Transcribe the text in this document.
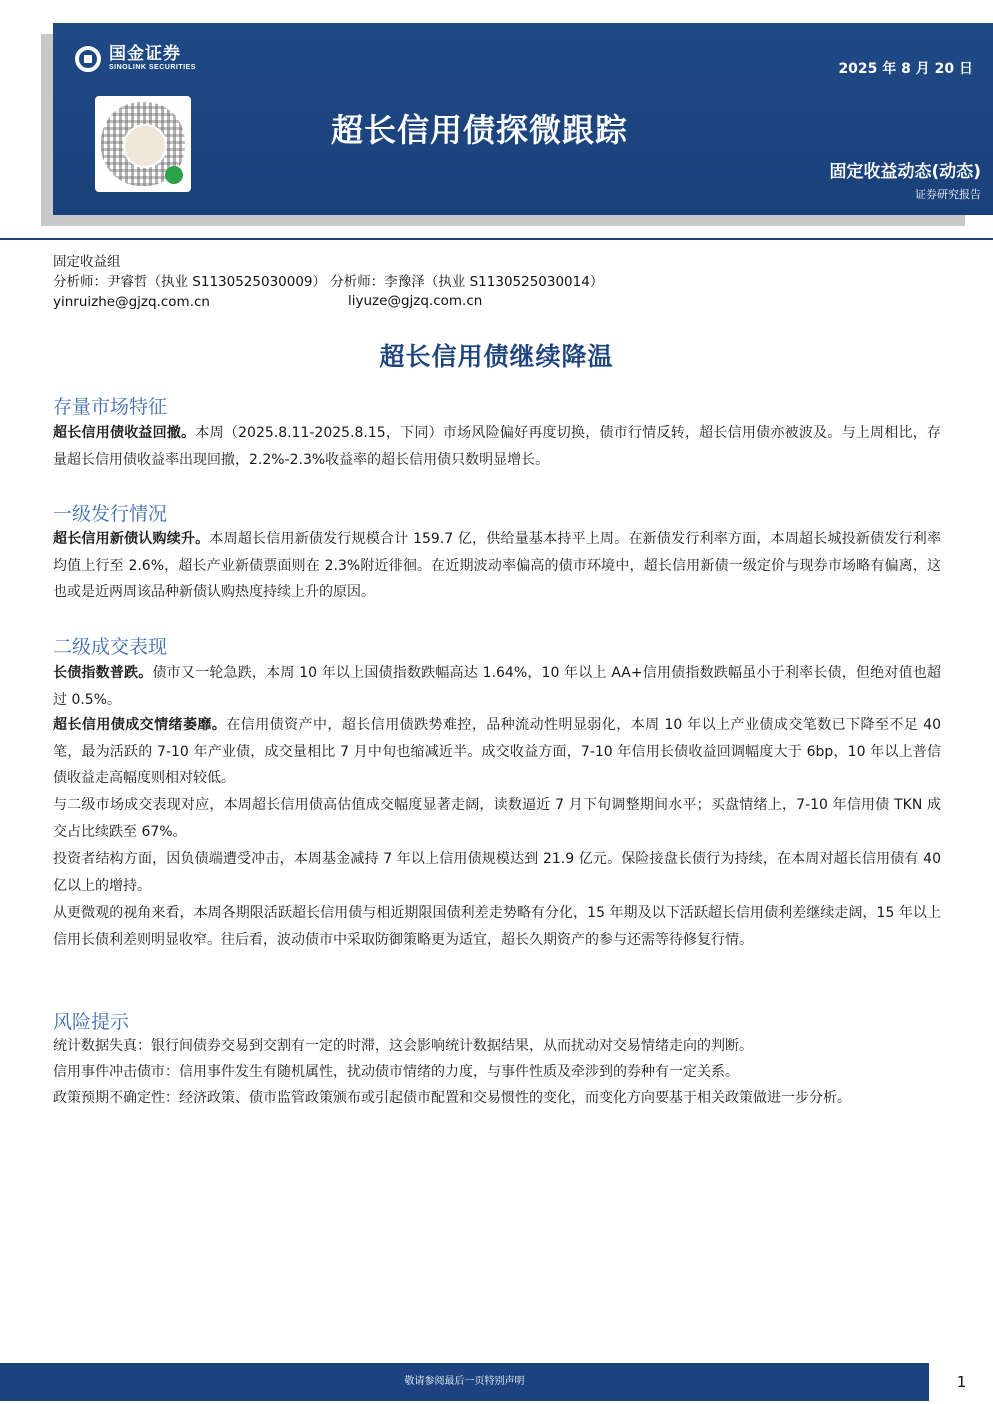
国金证券
SINOLINK SECURITIES
超长信用债探微跟踪
2025 年 8 月 20 日
固定收益动态(动态)
证券研究报告
固定收益组
分析师：尹睿哲（执业 S1130525030009） 分析师：李豫泽（执业 S1130525030014）
yinruizhe@gjzq.com.cn	liyuze@gjzq.com.cn
超长信用债继续降温
存量市场特征
超长信用债收益回撤。本周（2025.8.11-2025.8.15，下同）市场风险偏好再度切换，债市行情反转，超长信用债亦被波及。与上周相比，存量超长信用债收益率出现回撤，2.2%-2.3%收益率的超长信用债只数明显增长。
一级发行情况
超长信用新债认购续升。本周超长信用新债发行规模合计 159.7 亿，供给量基本持平上周。在新债发行利率方面，本周超长城投新债发行利率均值上行至 2.6%，超长产业新债票面则在 2.3%附近徘徊。在近期波动率偏高的债市环境中，超长信用新债一级定价与现券市场略有偏离，这也或是近两周该品种新债认购热度持续上升的原因。
二级成交表现
长债指数普跌。债市又一轮急跌，本周 10 年以上国债指数跌幅高达 1.64%，10 年以上 AA+信用债指数跌幅虽小于利率长债，但绝对值也超过 0.5%。
超长信用债成交情绪萎靡。在信用债资产中，超长信用债跌势难控，品种流动性明显弱化，本周 10 年以上产业债成交笔数已下降至不足 40 笔，最为活跃的 7-10 年产业债，成交量相比 7 月中旬也缩减近半。成交收益方面，7-10 年信用长债收益回调幅度大于 6bp，10 年以上普信债收益走高幅度则相对较低。
与二级市场成交表现对应，本周超长信用债高估值成交幅度显著走阔，读数逼近 7 月下旬调整期间水平；买盘情绪上，7-10 年信用债 TKN 成交占比续跌至 67%。
投资者结构方面，因负债端遭受冲击，本周基金减持 7 年以上信用债规模达到 21.9 亿元。保险接盘长债行为持续，在本周对超长信用债有 40 亿以上的增持。
从更微观的视角来看，本周各期限活跃超长信用债与相近期限国债利差走势略有分化，15 年期及以下活跃超长信用债利差继续走阔，15 年以上信用长债利差则明显收窄。往后看，波动债市中采取防御策略更为适宜，超长久期资产的参与还需等待修复行情。
风险提示
统计数据失真：银行间债券交易到交割有一定的时滞，这会影响统计数据结果，从而扰动对交易情绪走向的判断。
信用事件冲击债市：信用事件发生有随机属性，扰动债市情绪的力度，与事件性质及牵涉到的券种有一定关系。
政策预期不确定性：经济政策、债市监管政策颁布或引起债市配置和交易惯性的变化，而变化方向要基于相关政策做进一步分析。
敬请参阅最后一页特别声明	1
